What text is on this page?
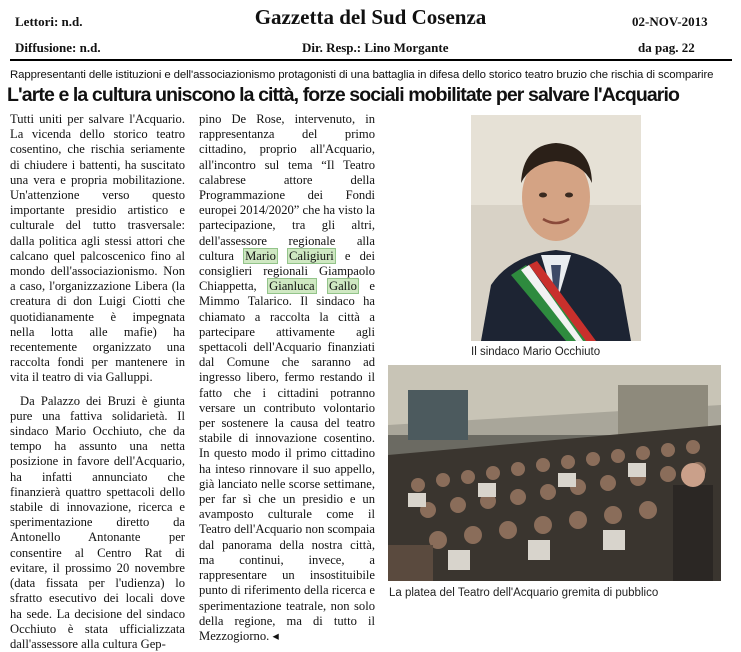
Lettori: n.d.	Gazzetta del Sud Cosenza	02-NOV-2013
Diffusione: n.d.	Dir. Resp.: Lino Morgante	da pag. 22
Rappresentanti delle istituzioni e dell'associazionismo protagonisti di una battaglia in difesa dello storico teatro bruzio che rischia di scomparire
L'arte e la cultura uniscono la città, forze sociali mobilitate per salvare l'Acquario

Tutti uniti per salvare l'Acquario. La vicenda dello storico teatro cosentino, che rischia seriamente di chiudere i battenti, ha suscitato una vera e propria mobilitazione. Un'attenzione verso questo importante presidio artistico e culturale del tutto trasversale: dalla politica agli stessi attori che calcano quel palcoscenico fino al mondo dell'associazionismo. Non a caso, l'organizzazione Libera (la creatura di don Luigi Ciotti che quotidianamente è impegnata nella lotta alle mafie) ha recentemente organizzato una raccolta fondi per mantenere in vita il teatro di via Galluppi.

Da Palazzo dei Bruzi è giunta pure una fattiva solidarietà. Il sindaco Mario Occhiuto, che da tempo ha assunto una netta posizione in favore dell'Acquario, ha infatti annunciato che finanzierà quattro spettacoli dello stabile di innovazione, ricerca e sperimentazione diretto da Antonello Antonante per consentire al Centro Rat di evitare, il prossimo 20 novembre (data fissata per l'udienza) lo sfratto esecutivo dei locali dove ha sede. La decisione del sindaco Occhiuto è stata ufficializzata dall'assessore alla cultura Gep-

pino De Rose, intervenuto, in rappresentanza del primo cittadino, proprio all'Acquario, all'incontro sul tema “Il Teatro calabrese attore della Programmazione dei Fondi europei 2014/2020” che ha visto la partecipazione, tra gli altri, dell'assessore regionale alla cultura Mario Caligiuri e dei consiglieri regionali Giampaolo Chiappetta, Gianluca Gallo e Mimmo Talarico. Il sindaco ha chiamato a raccolta la città a partecipare attivamente agli spettacoli dell'Acquario finanziati dal Comune che saranno ad ingresso libero, fermo restando il fatto che i cittadini potranno versare un contributo volontario per sostenere la causa del teatro stabile di innovazione cosentino. In questo modo il primo cittadino ha inteso rinnovare il suo appello, già lanciato nelle scorse settimane, per far sì che un presidio e un avamposto culturale come il Teatro dell'Acquario non scompaia dal panorama della nostra città, ma continui, invece, a rappresentare un insostituibile punto di riferimento della ricerca e sperimentazione teatrale, non solo della regione, ma di tutto il Mezzogiorno. ◂

Il sindaco Mario Occhiuto
La platea del Teatro dell'Acquario gremita di pubblico
